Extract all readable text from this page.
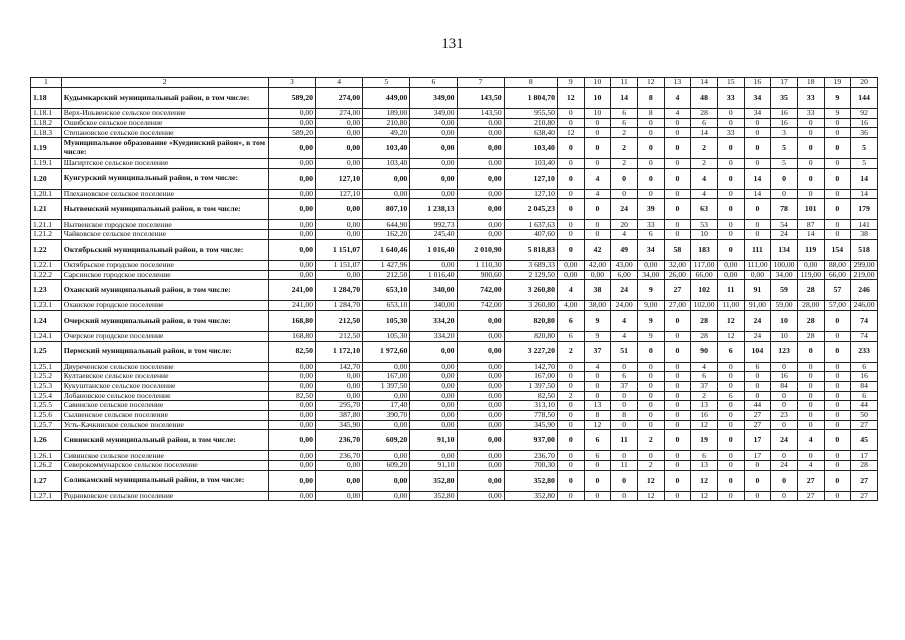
131
1	2	3	4	5	6	7	8	9	10	11	12	13	14	15	16	17	18	19	20
1.18	Кудымкарский муниципальный район, в том числе:	589,20	274,00	449,00	349,00	143,50	1 804,70	12	10	14	8	4	48	33	34	35	33	9	144
1.18.1	Верх-Иньвенское сельское поселение	0,00	274,00	189,00	349,00	143,50	955,50	0	10	6	8	4	28	0	34	16	33	9	92
1.18.2	Ошибское сельское поселение	0,00	0,00	210,80	0,00	0,00	210,80	0	0	6	0	0	6	0	0	16	0	0	16
1.18.3	Степановское сельское поселение	589,20	0,00	49,20	0,00	0,00	638,40	12	0	2	0	0	14	33	0	3	0	0	36
1.19	Муниципальное образование «Куединский район», в том числе:	0,00	0,00	103,40	0,00	0,00	103,40	0	0	2	0	0	2	0	0	5	0	0	5
1.19.1	Шагиртское сельское поселение	0,00	0,00	103,40	0,00	0,00	103,40	0	0	2	0	0	2	0	0	5	0	0	5
1.20	Кунгурский муниципальный район, в том числе:	0,00	127,10	0,00	0,00	0,00	127,10	0	4	0	0	0	4	0	14	0	0	0	14
1.20.1	Плехановское сельское поселение	0,00	127,10	0,00	0,00	0,00	127,10	0	4	0	0	0	4	0	14	0	0	0	14
1.21	Нытвенский муниципальный район, в том числе:	0,00	0,00	807,10	1 238,13	0,00	2 045,23	0	0	24	39	0	63	0	0	78	101	0	179
1.21.1	Нытвенское городское поселение	0,00	0,00	644,90	992,73	0,00	1 637,63	0	0	20	33	0	53	0	0	54	87	0	141
1.21.2	Чайковское сельское поселение	0,00	0,00	162,20	245,40	0,00	407,60	0	0	4	6	0	10	0	0	24	14	0	38
1.22	Октябрьский муниципальный район, в том числе:	0,00	1 151,07	1 640,46	1 016,40	2 010,90	5 818,83	0	42	49	34	58	183	0	111	134	119	154	518
1.22.1	Октябрьское городское поселение	0,00	1 151,07	1 427,96	0,00	1 110,30	3 689,33	0,00	42,00	43,00	0,00	32,00	117,00	0,00	111,00	100,00	0,00	88,00	299,00
1.22.2	Сарсинское городское поселение	0,00	0,00	212,50	1 016,40	900,60	2 129,50	0,00	0,00	6,00	34,00	26,00	66,00	0,00	0,00	34,00	119,00	66,00	219,00
1.23	Оханский муниципальный район, в том числе:	241,00	1 284,70	653,10	340,00	742,00	3 260,80	4	38	24	9	27	102	11	91	59	28	57	246
1.23.1	Оханское городское поселение	241,00	1 284,70	653,10	340,00	742,00	3 260,80	4,00	38,00	24,00	9,00	27,00	102,00	11,00	91,00	59,00	28,00	57,00	246,00
1.24	Очерский муниципальный район, в том числе:	168,80	212,50	105,30	334,20	0,00	820,80	6	9	4	9	0	28	12	24	10	28	0	74
1.24.1	Очерское городское поселение	168,80	212,50	105,30	334,20	0,00	820,80	6	9	4	9	0	28	12	24	10	28	0	74
1.25	Пермский муниципальный район, в том числе:	82,50	1 172,10	1 972,60	0,00	0,00	3 227,20	2	37	51	0	0	90	6	104	123	0	0	233
1.25.1	Двуреченское сельское поселение	0,00	142,70	0,00	0,00	0,00	142,70	0	4	0	0	0	4	0	6	0	0	0	6
1.25.2	Култаевское сельское поселение	0,00	0,00	167,00	0,00	0,00	167,00	0	0	6	0	0	6	0	0	16	0	0	16
1.25.3	Кукуштанское сельское поселение	0,00	0,00	1 397,50	0,00	0,00	1 397,50	0	0	37	0	0	37	0	0	84	0	0	84
1.25.4	Лобановское сельское поселение	82,50	0,00	0,00	0,00	0,00	82,50	2	0	0	0	0	2	6	0	0	0	0	6
1.25.5	Савинское сельское поселение	0,00	295,70	17,40	0,00	0,00	313,10	0	13	0	0	0	13	0	44	0	0	0	44
1.25.6	Сылвенское сельское поселение	0,00	387,80	390,70	0,00	0,00	778,50	0	8	8	0	0	16	0	27	23	0	0	50
1.25.7	Усть-Качкинское сельское поселение	0,00	345,90	0,00	0,00	0,00	345,90	0	12	0	0	0	12	0	27	0	0	0	27
1.26	Сивинский муниципальный район, в том числе:	0,00	236,70	609,20	91,10	0,00	937,00	0	6	11	2	0	19	0	17	24	4	0	45
1.26.1	Сивинское сельское поселение	0,00	236,70	0,00	0,00	0,00	236,70	0	6	0	0	0	6	0	17	0	0	0	17
1.26.2	Северокоммунарское сельское поселение	0,00	0,00	609,20	91,10	0,00	700,30	0	0	11	2	0	13	0	0	24	4	0	28
1.27	Соликамский муниципальный район, в том числе:	0,00	0,00	0,00	352,80	0,00	352,80	0	0	0	12	0	12	0	0	0	27	0	27
1.27.1	Родниковское сельское поселение	0,00	0,00	0,00	352,80	0,00	352,80	0	0	0	12	0	12	0	0	0	27	0	27
